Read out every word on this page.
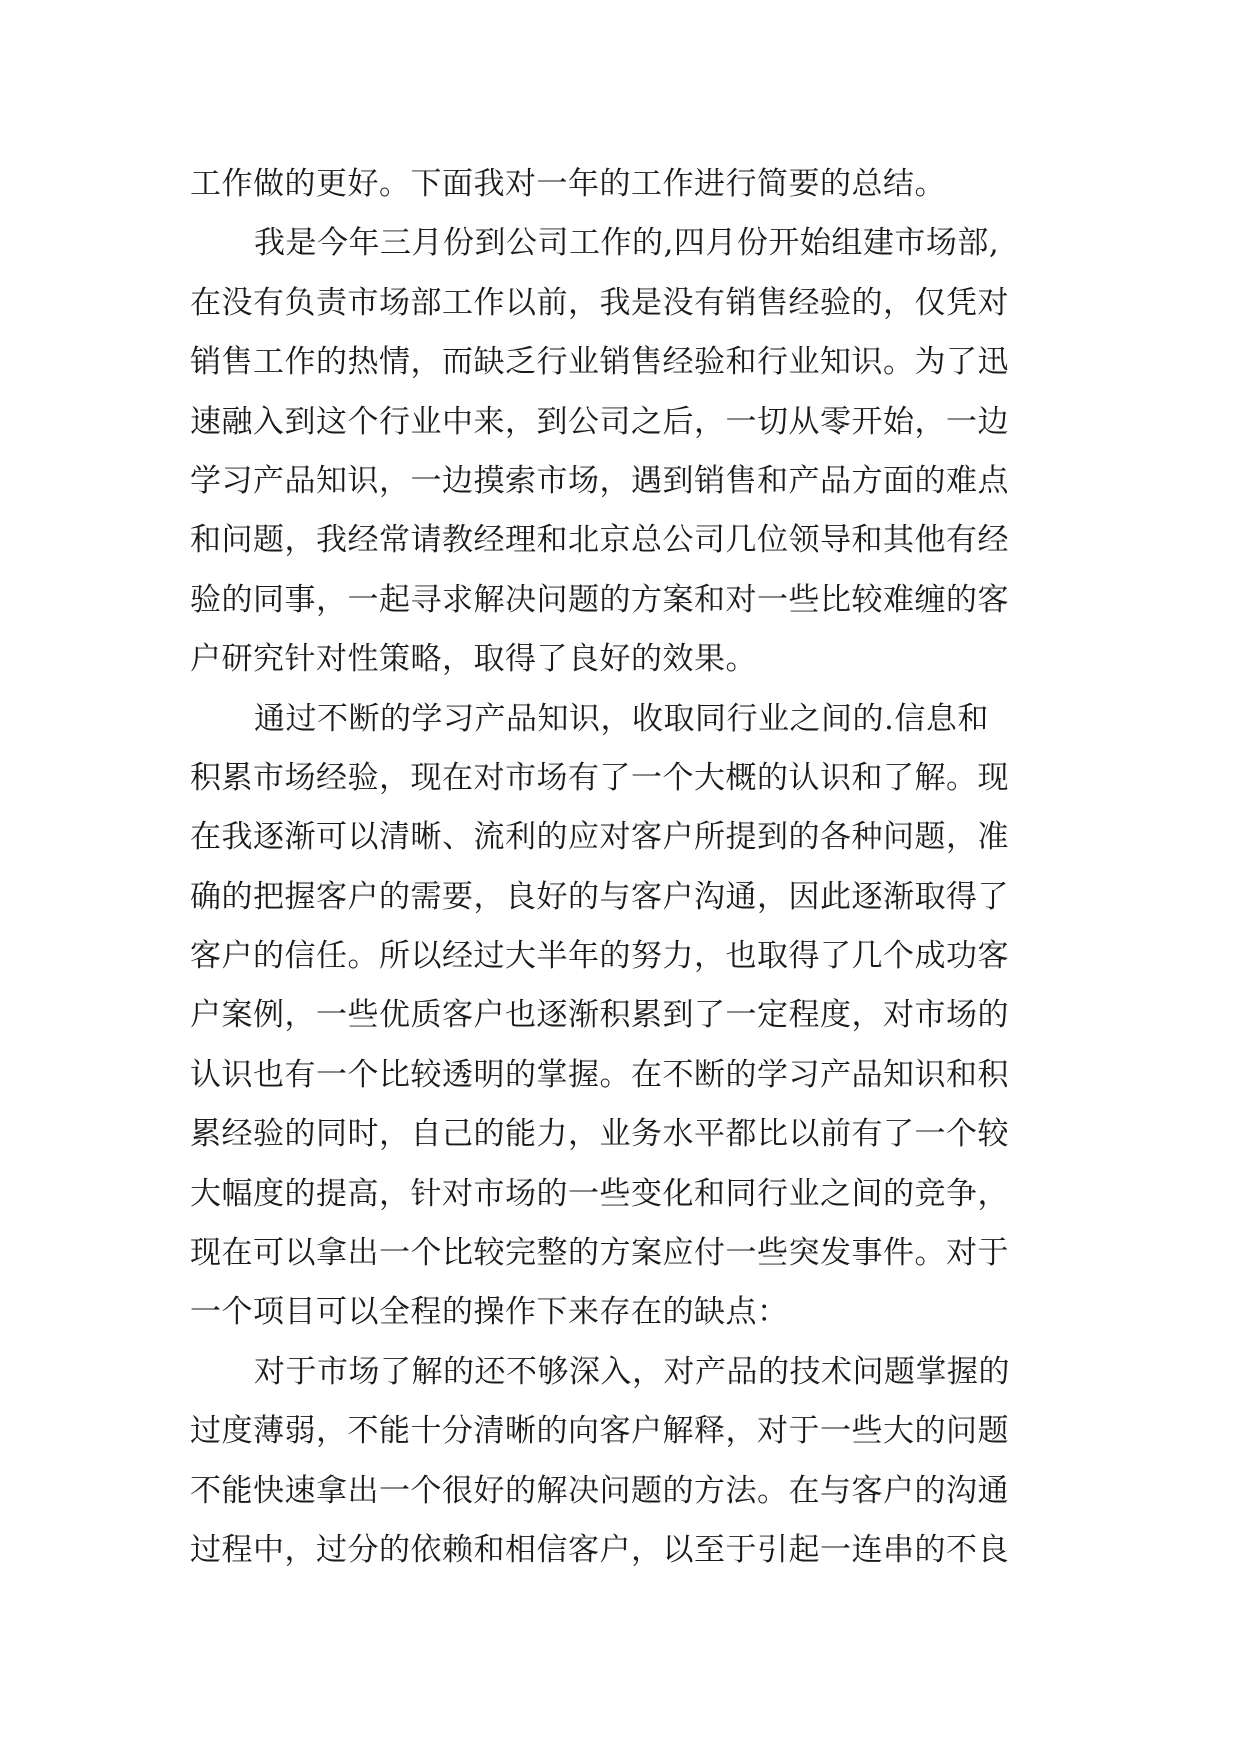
工作做的更好。下面我对一年的工作进行简要的总结。
我是今年三月份到公司工作的,四月份开始组建市场部,
在没有负责市场部工作以前，我是没有销售经验的，仅凭对
销售工作的热情，而缺乏行业销售经验和行业知识。为了迅
速融入到这个行业中来，到公司之后，一切从零开始，一边
学习产品知识，一边摸索市场，遇到销售和产品方面的难点
和问题，我经常请教经理和北京总公司几位领导和其他有经
验的同事，一起寻求解决问题的方案和对一些比较难缠的客
户研究针对性策略，取得了良好的效果。
通过不断的学习产品知识，收取同行业之间的.信息和
积累市场经验，现在对市场有了一个大概的认识和了解。现
在我逐渐可以清晰、流利的应对客户所提到的各种问题，准
确的把握客户的需要，良好的与客户沟通，因此逐渐取得了
客户的信任。所以经过大半年的努力，也取得了几个成功客
户案例，一些优质客户也逐渐积累到了一定程度，对市场的
认识也有一个比较透明的掌握。在不断的学习产品知识和积
累经验的同时，自己的能力，业务水平都比以前有了一个较
大幅度的提高，针对市场的一些变化和同行业之间的竞争，
现在可以拿出一个比较完整的方案应付一些突发事件。对于
一个项目可以全程的操作下来存在的缺点：
对于市场了解的还不够深入，对产品的技术问题掌握的
过度薄弱，不能十分清晰的向客户解释，对于一些大的问题
不能快速拿出一个很好的解决问题的方法。在与客户的沟通
过程中，过分的依赖和相信客户，以至于引起一连串的不良
